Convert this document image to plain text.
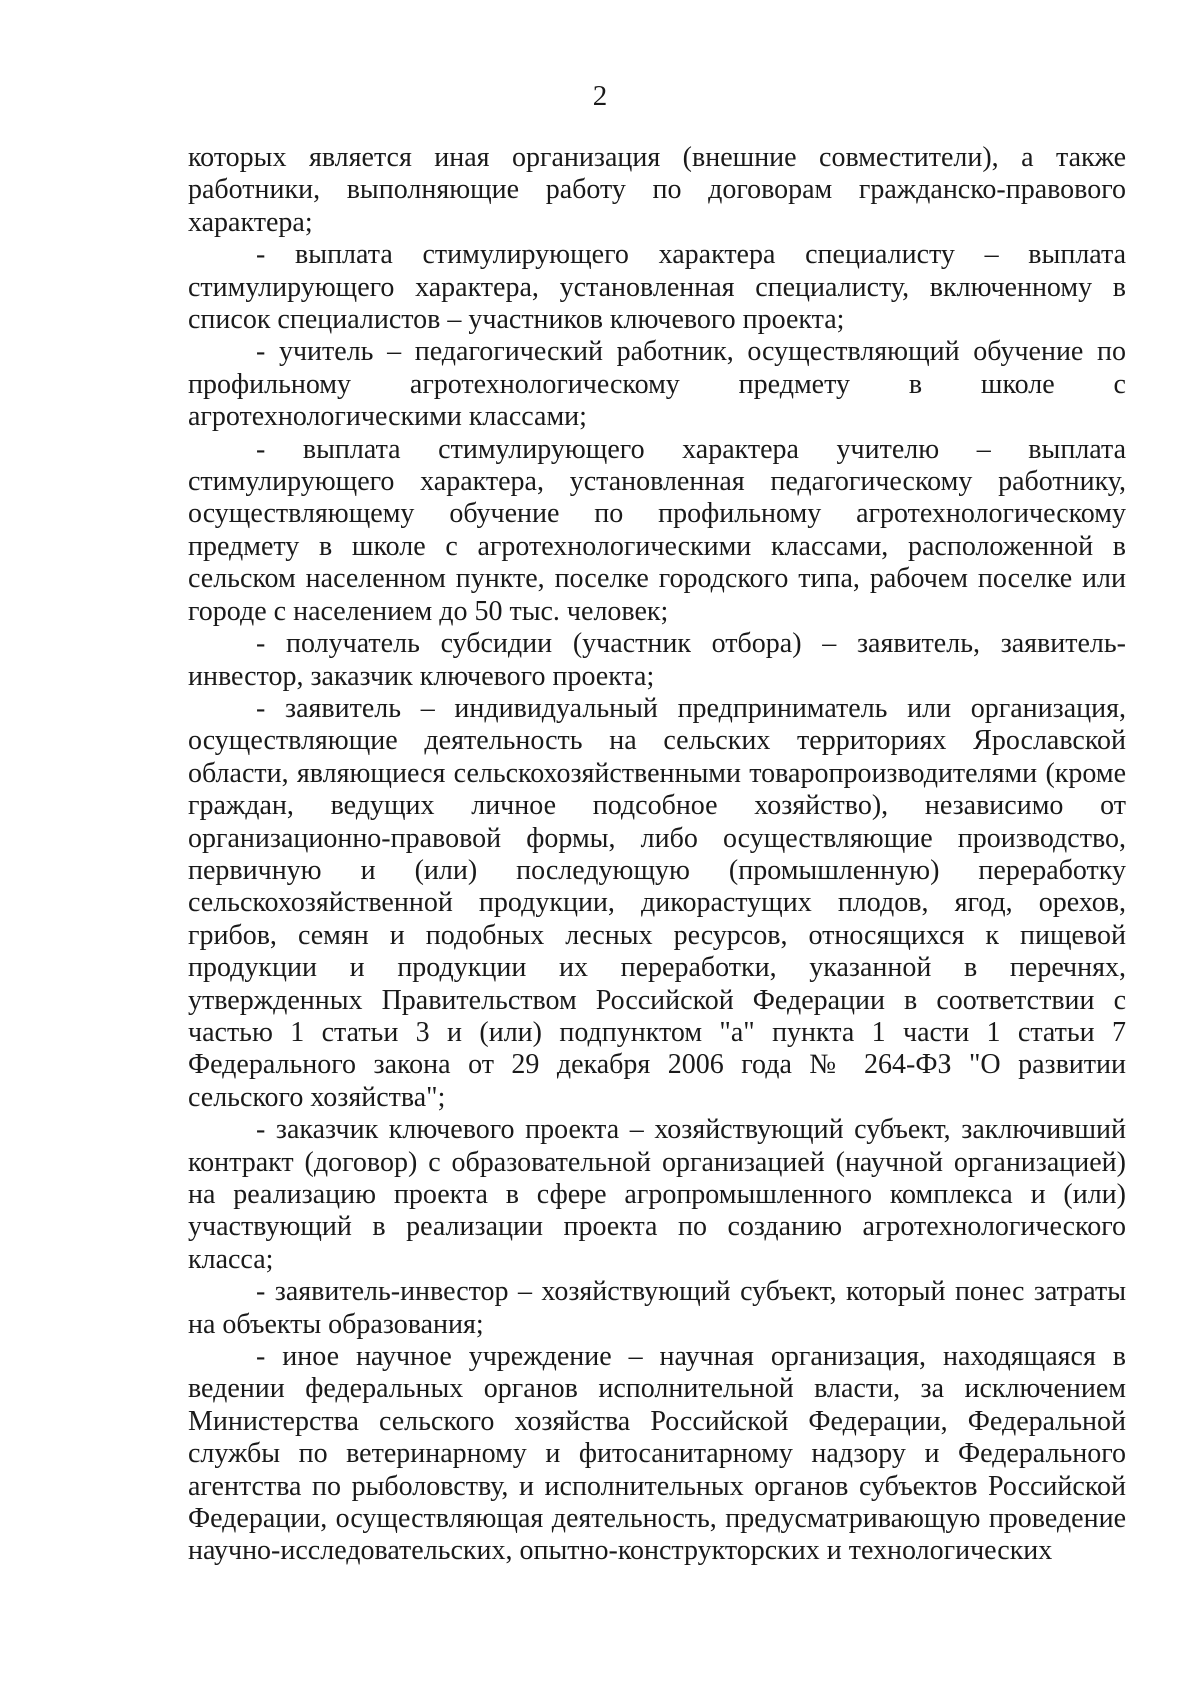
2

которых является иная организация (внешние совместители), а также работники, выполняющие работу по договорам гражданско-правового характера;

- выплата стимулирующего характера специалисту – выплата стимулирующего характера, установленная специалисту, включенному в список специалистов – участников ключевого проекта;

- учитель – педагогический работник, осуществляющий обучение по профильному агротехнологическому предмету в школе с агротехнологическими классами;

- выплата стимулирующего характера учителю – выплата стимулирующего характера, установленная педагогическому работнику, осуществляющему обучение по профильному агротехнологическому предмету в школе с агротехнологическими классами, расположенной в сельском населенном пункте, поселке городского типа, рабочем поселке или городе с населением до 50 тыс. человек;

- получатель субсидии (участник отбора) – заявитель, заявитель-инвестор, заказчик ключевого проекта;

- заявитель – индивидуальный предприниматель или организация, осуществляющие деятельность на сельских территориях Ярославской области, являющиеся сельскохозяйственными товаропроизводителями (кроме граждан, ведущих личное подсобное хозяйство), независимо от организационно-правовой формы, либо осуществляющие производство, первичную и (или) последующую (промышленную) переработку сельскохозяйственной продукции, дикорастущих плодов, ягод, орехов, грибов, семян и подобных лесных ресурсов, относящихся к пищевой продукции и продукции их переработки, указанной в перечнях, утвержденных Правительством Российской Федерации в соответствии с частью 1 статьи 3 и (или) подпунктом "а" пункта 1 части 1 статьи 7 Федерального закона от 29 декабря 2006 года № 264-ФЗ "О развитии сельского хозяйства";

- заказчик ключевого проекта – хозяйствующий субъект, заключивший контракт (договор) с образовательной организацией (научной организацией) на реализацию проекта в сфере агропромышленного комплекса и (или) участвующий в реализации проекта по созданию агротехнологического класса;

- заявитель-инвестор – хозяйствующий субъект, который понес затраты на объекты образования;

- иное научное учреждение – научная организация, находящаяся в ведении федеральных органов исполнительной власти, за исключением Министерства сельского хозяйства Российской Федерации, Федеральной службы по ветеринарному и фитосанитарному надзору и Федерального агентства по рыболовству, и исполнительных органов субъектов Российской Федерации, осуществляющая деятельность, предусматривающую проведение научно-исследовательских, опытно-конструкторских и технологических
